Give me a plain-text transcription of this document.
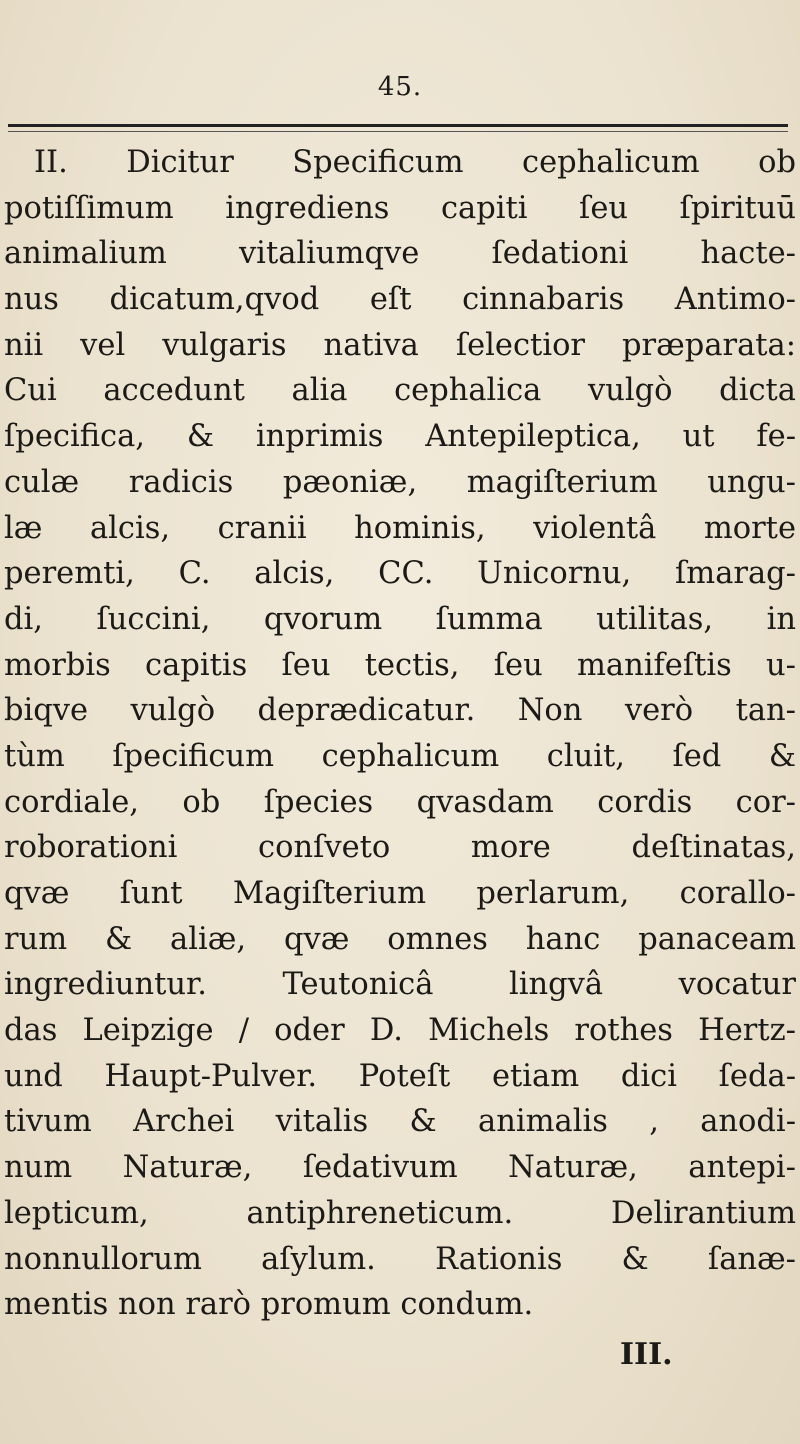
45.
II. Dicitur Specificum cephalicum ob
potiſſimum ingrediens capiti ſeu ſpirituū
animalium vitaliumqve ſedationi hacte-
nus dicatum,qvod eſt cinnabaris Antimo-
nii vel vulgaris nativa ſelectior præparata:
Cui accedunt alia cephalica vulgò dicta
ſpecifica, & inprimis Antepileptica, ut fe-
culæ radicis pæoniæ, magiſterium ungu-
læ alcis, cranii hominis, violentâ morte
peremti, C. alcis, CC. Unicornu, ſmarag-
di, ſuccini, qvorum ſumma utilitas, in
morbis capitis ſeu tectis, ſeu manifeſtis u-
biqve vulgò deprædicatur. Non verò tan-
tùm ſpecificum cephalicum cluit, ſed &
cordiale, ob ſpecies qvasdam cordis cor-
roborationi conſveto more deſtinatas,
qvæ ſunt Magiſterium perlarum, corallo-
rum & aliæ, qvæ omnes hanc panaceam
ingrediuntur. Teutonicâ lingvâ vocatur
das Leipzige / oder D. Michels rothes Hertz-
und Haupt-Pulver. Poteſt etiam dici ſeda-
tivum Archei vitalis & animalis , anodi-
num Naturæ, ſedativum Naturæ, antepi-
lepticum, antiphreneticum. Delirantium
nonnullorum aſylum. Rationis & ſanæ-
mentis non rarò promum condum.
III.
